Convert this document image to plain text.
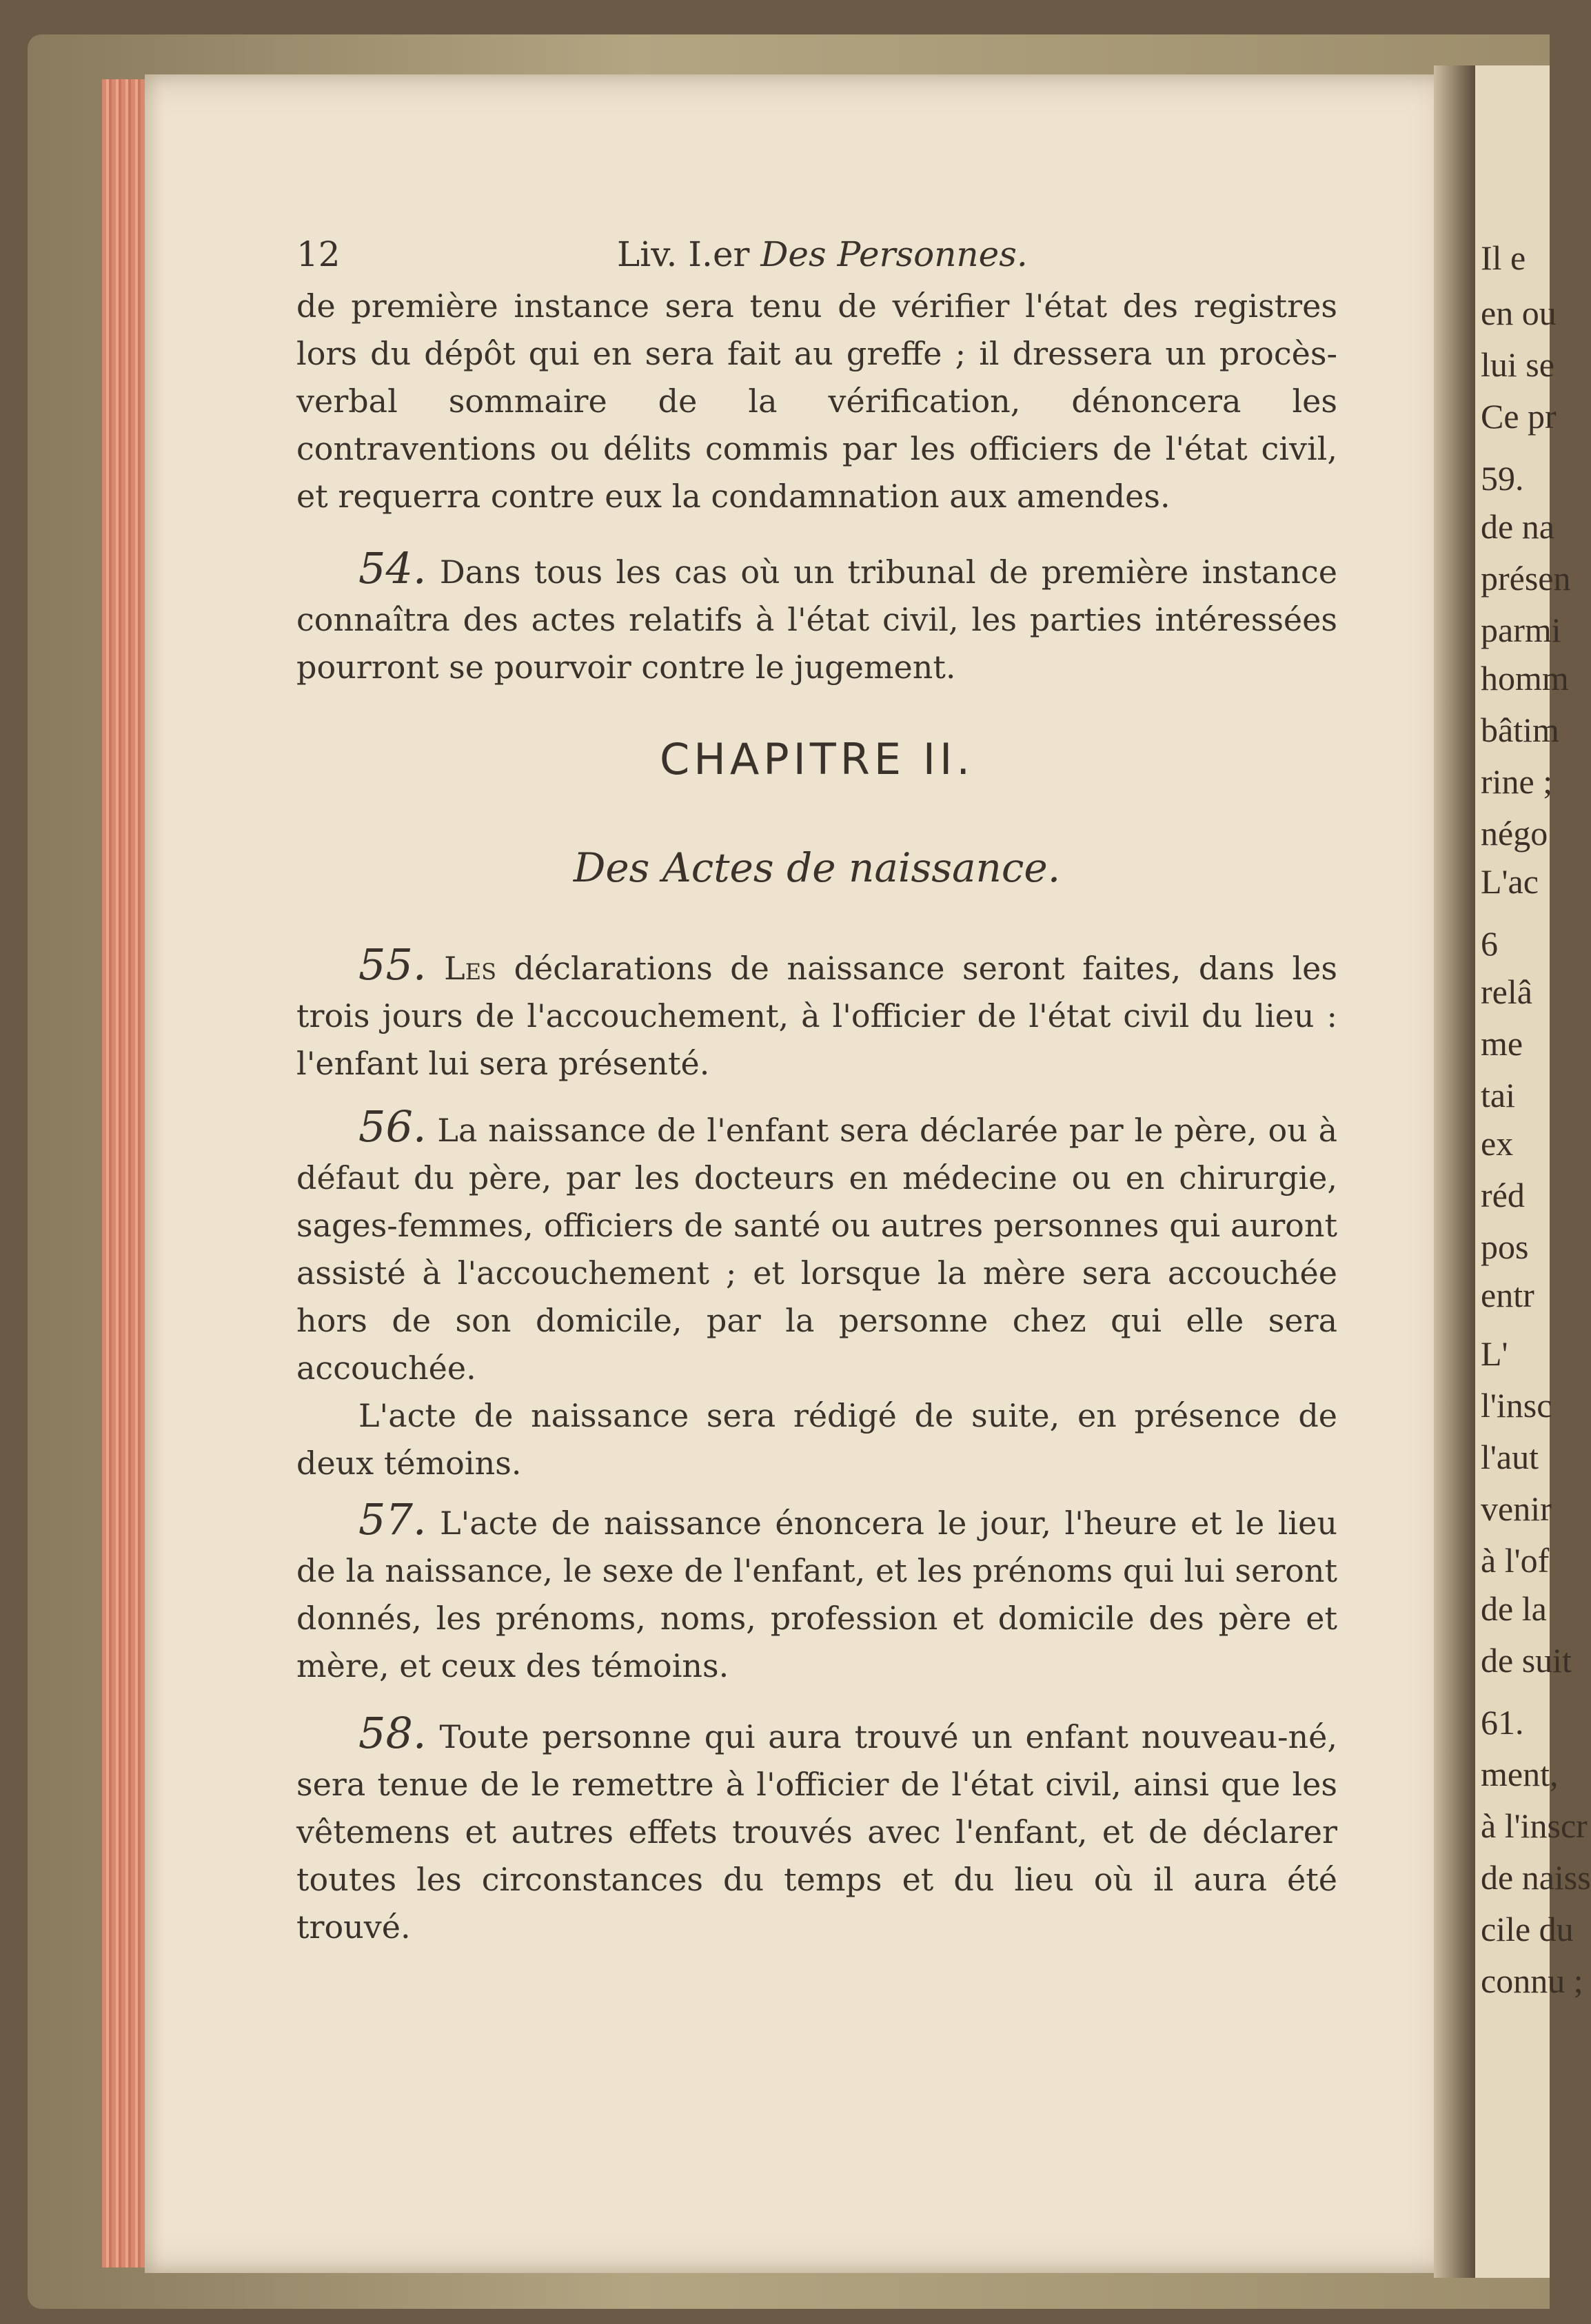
Il e
en ou
lui se
Ce pr
59.
de na
présen
parmi
homm
bâtim
rine ;
négo
L'ac
6
relâ
me
tai
ex
réd
pos
entr
L'
l'insc
l'aut
venir
à l'of
de la
de suit
61.
ment,
à l'inscr
de naiss
cile du
connu ;
12	Liv. I.er Des Personnes.

de première instance sera tenu de vérifier l'état des registres lors du dépôt qui en sera fait au greffe ; il dressera un procès-verbal sommaire de la vérification, dénoncera les contraventions ou délits commis par les officiers de l'état civil, et requerra contre eux la condamnation aux amendes.

54. Dans tous les cas où un tribunal de première instance connaîtra des actes relatifs à l'état civil, les parties intéressées pourront se pourvoir contre le jugement.

CHAPITRE II.
Des Actes de naissance.

55. Les déclarations de naissance seront faites, dans les trois jours de l'accouchement, à l'officier de l'état civil du lieu : l'enfant lui sera présenté.

56. La naissance de l'enfant sera déclarée par le père, ou à défaut du père, par les docteurs en médecine ou en chirurgie, sages-femmes, officiers de santé ou autres personnes qui auront assisté à l'accouchement ; et lorsque la mère sera accouchée hors de son domicile, par la personne chez qui elle sera accouchée.

L'acte de naissance sera rédigé de suite, en présence de deux témoins.

57. L'acte de naissance énoncera le jour, l'heure et le lieu de la naissance, le sexe de l'enfant, et les prénoms qui lui seront donnés, les prénoms, noms, profession et domicile des père et mère, et ceux des témoins.

58. Toute personne qui aura trouvé un enfant nouveau-né, sera tenue de le remettre à l'officier de l'état civil, ainsi que les vêtemens et autres effets trouvés avec l'enfant, et de déclarer toutes les circonstances du temps et du lieu où il aura été trouvé.
